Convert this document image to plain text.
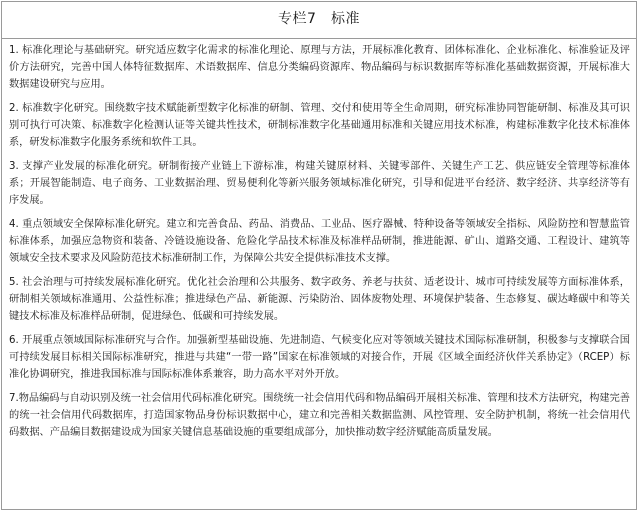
专栏7　标准

1. 标准化理论与基础研究。研究适应数字化需求的标准化理论、原理与方法，开展标准化教育、团体标准化、企业标准化、标准验证及评价方法研究，完善中国人体特征数据库、术语数据库、信息分类编码资源库、物品编码与标识数据库等标准化基础数据资源，开展标准大数据建设研究与应用。

2. 标准数字化研究。围绕数字技术赋能新型数字化标准的研制、管理、交付和使用等全生命周期，研究标准协同智能研制、标准及其可识别可执行可决策、标准数字化检测认证等关键共性技术，研制标准数字化基础通用标准和关键应用技术标准，构建标准数字化技术标准体系，研发标准数字化服务系统和软件工具。

3. 支撑产业发展的标准化研究。研制衔接产业链上下游标准，构建关键原材料、关键零部件、关键生产工艺、供应链安全管理等标准体系；开展智能制造、电子商务、工业数据治理、贸易便利化等新兴服务领域标准化研究，引导和促进平台经济、数字经济、共享经济等有序发展。

4. 重点领域安全保障标准化研究。建立和完善食品、药品、消费品、工业品、医疗器械、特种设备等领域安全指标、风险防控和智慧监管标准体系，加强应急物资和装备、冷链设施设备、危险化学品技术标准及标准样品研制，推进能源、矿山、道路交通、工程设计、建筑等领域安全技术要求及风险防范技术标准研制工作，为保障公共安全提供标准技术支撑。

5. 社会治理与可持续发展标准化研究。优化社会治理和公共服务、数字政务、养老与扶贫、适老设计、城市可持续发展等方面标准体系，研制相关领域标准通用、公益性标准；推进绿色产品、新能源、污染防治、固体废物处理、环境保护装备、生态修复、碳达峰碳中和等关键技术标准及标准样品研制，促进绿色、低碳和可持续发展。

6. 开展重点领域国际标准研究与合作。加强新型基础设施、先进制造、气候变化应对等领域关键技术国际标准研制，积极参与支撑联合国可持续发展目标相关国际标准研究，推进与共建“一带一路”国家在标准领域的对接合作，开展《区域全面经济伙伴关系协定》（RCEP）标准化协调研究，推进我国标准与国际标准体系兼容，助力高水平对外开放。

7.物品编码与自动识别及统一社会信用代码标准化研究。围绕统一社会信用代码和物品编码开展相关标准、管理和技术方法研究，构建完善的统一社会信用代码数据库，打造国家物品身份标识数据中心，建立和完善相关数据监测、风控管理、安全防护机制，将统一社会信用代码数据、产品编目数据建设成为国家关键信息基础设施的重要组成部分，加快推动数字经济赋能高质量发展。
